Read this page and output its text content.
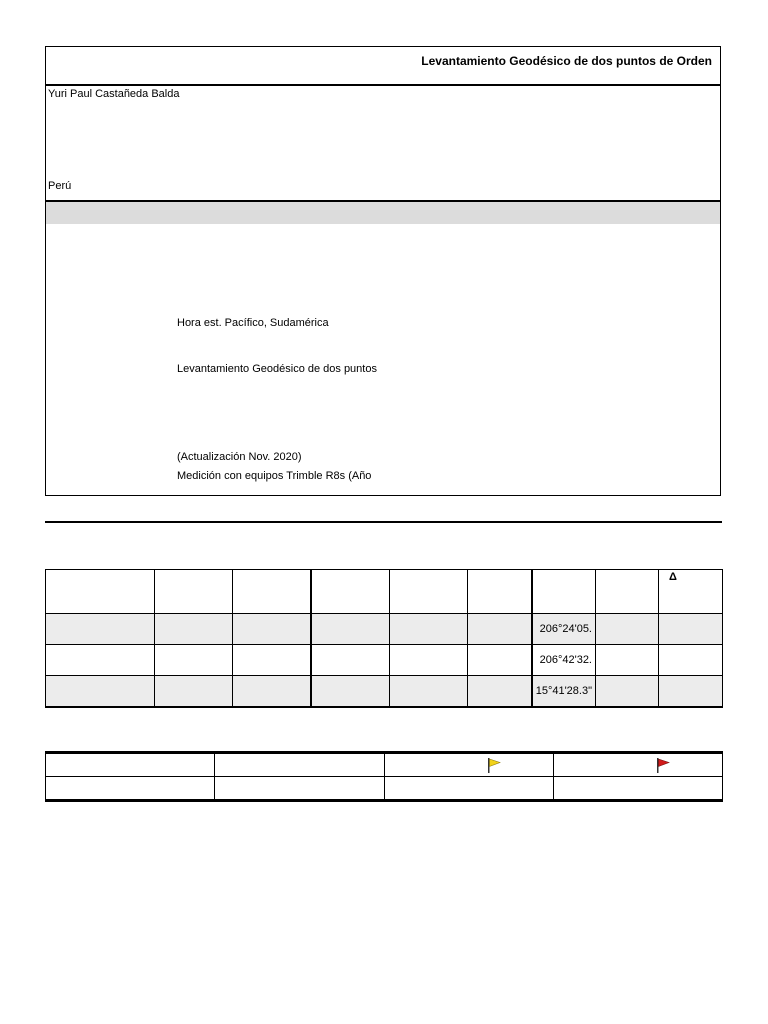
Levantamiento Geodésico de dos puntos de Orden
Yuri Paul Castañeda Balda
Perú
Hora est. Pacífico, Sudamérica
Levantamiento Geodésico de dos puntos
(Actualización Nov. 2020)
Medición con equipos Trimble R8s (Año
								Δ
						206°24'05.		
						206°42'32.		
						15°41'28.3"		
